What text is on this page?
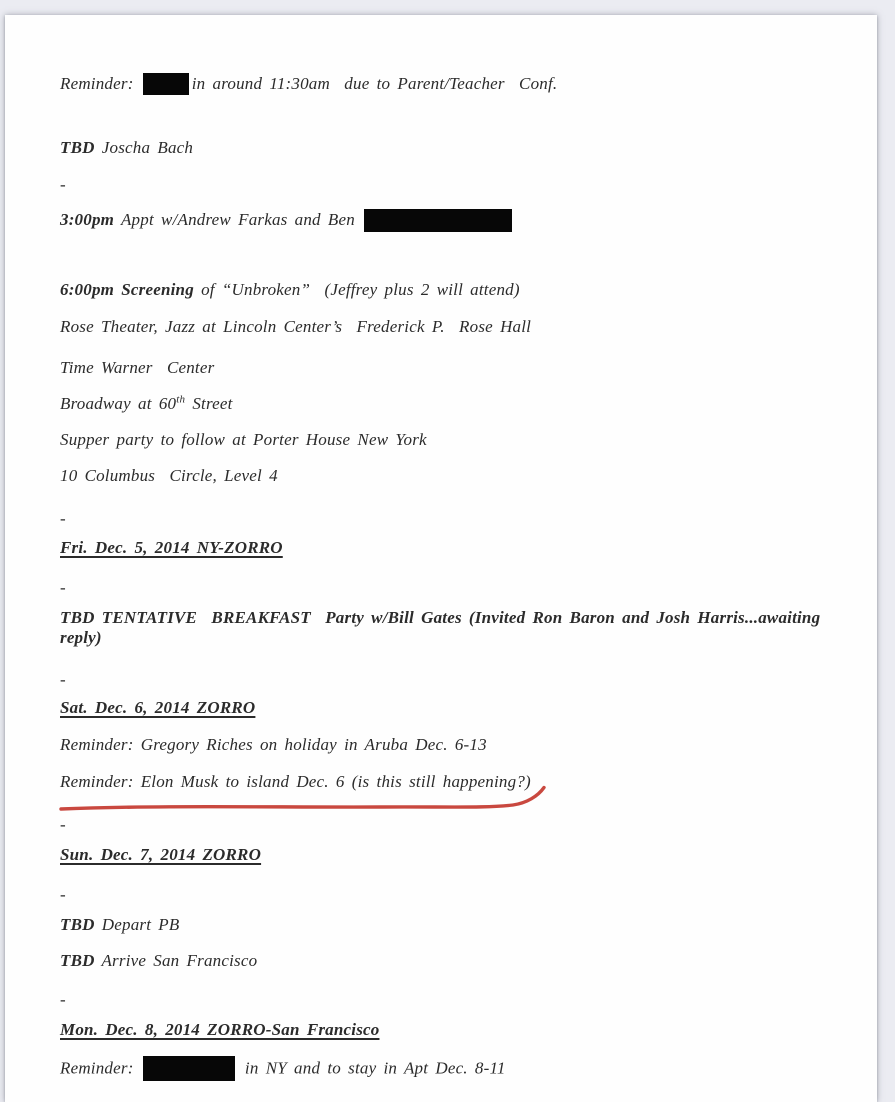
Reminder:	in around 11:30am  due to Parent/Teacher  Conf.
TBD Joscha Bach
-
3:00pm Appt w/Andrew Farkas and Ben
6:00pm Screening of “Unbroken”  (Jeffrey plus 2 will attend)
Rose Theater, Jazz at Lincoln Center’s  Frederick P.  Rose Hall
Time Warner  Center
Broadway at 60th Street
Supper party to follow at Porter House New York
10 Columbus  Circle, Level 4
-
Fri. Dec. 5, 2014 NY-ZORRO
-
TBD TENTATIVE  BREAKFAST  Party w/Bill Gates (Invited Ron Baron and Josh Harris...awaiting
reply)
-
Sat. Dec. 6, 2014 ZORRO
Reminder: Gregory Riches on holiday in Aruba Dec. 6-13
Reminder: Elon Musk to island Dec. 6 (is this still happening?)
-
Sun. Dec. 7, 2014 ZORRO
-
TBD Depart PB
TBD Arrive San Francisco
-
Mon. Dec. 8, 2014 ZORRO-San Francisco
Reminder:	in NY and to stay in Apt Dec. 8-11
